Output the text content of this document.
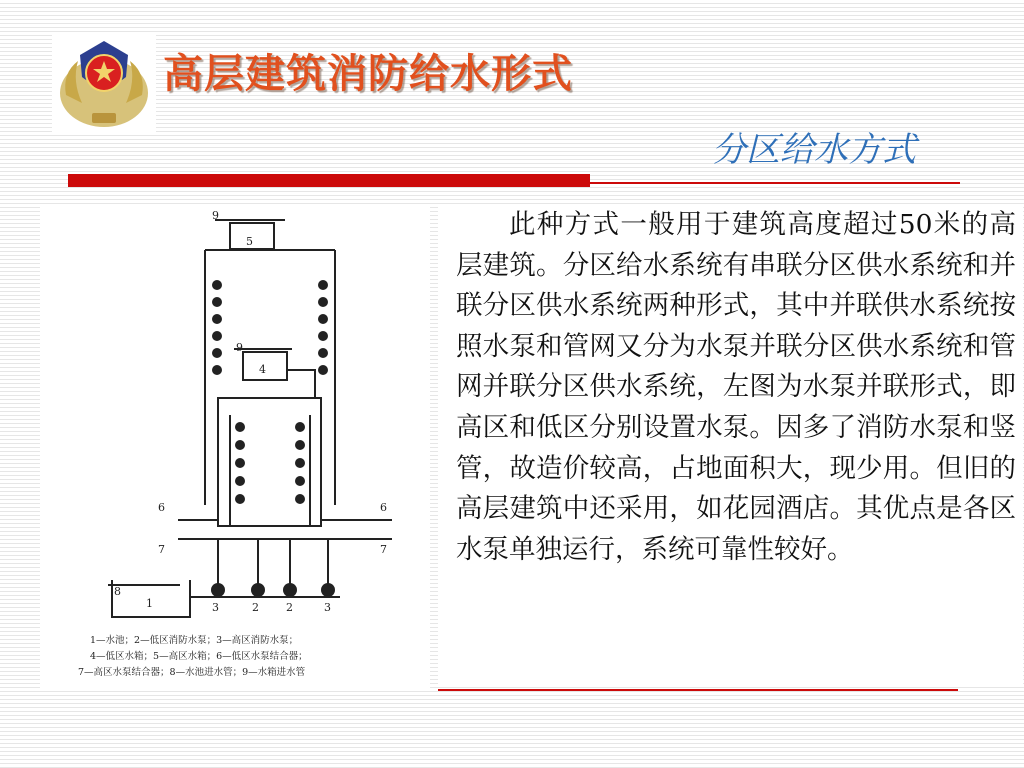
高层建筑消防给水形式
分区给水方式
9
5
9
4
6	6
7	7
8
1	3	2 2	3
1—水池；2—低区消防水泵；3—高区消防水泵；
4—低区水箱；5—高区水箱；6—低区水泵结合器；
7—高区水泵结合器；8—水池进水管；9—水箱进水管

此种方式一般用于建筑高度超过50米的高层建筑。分区给水系统有串联分区供水系统和并联分区供水系统两种形式，其中并联供水系统按照水泵和管网又分为水泵并联分区供水系统和管网并联分区供水系统，左图为水泵并联形式，即高区和低区分别设置水泵。因多了消防水泵和竖管，故造价较高，占地面积大，现少用。但旧的高层建筑中还采用，如花园酒店。其优点是各区水泵单独运行，系统可靠性较好。
